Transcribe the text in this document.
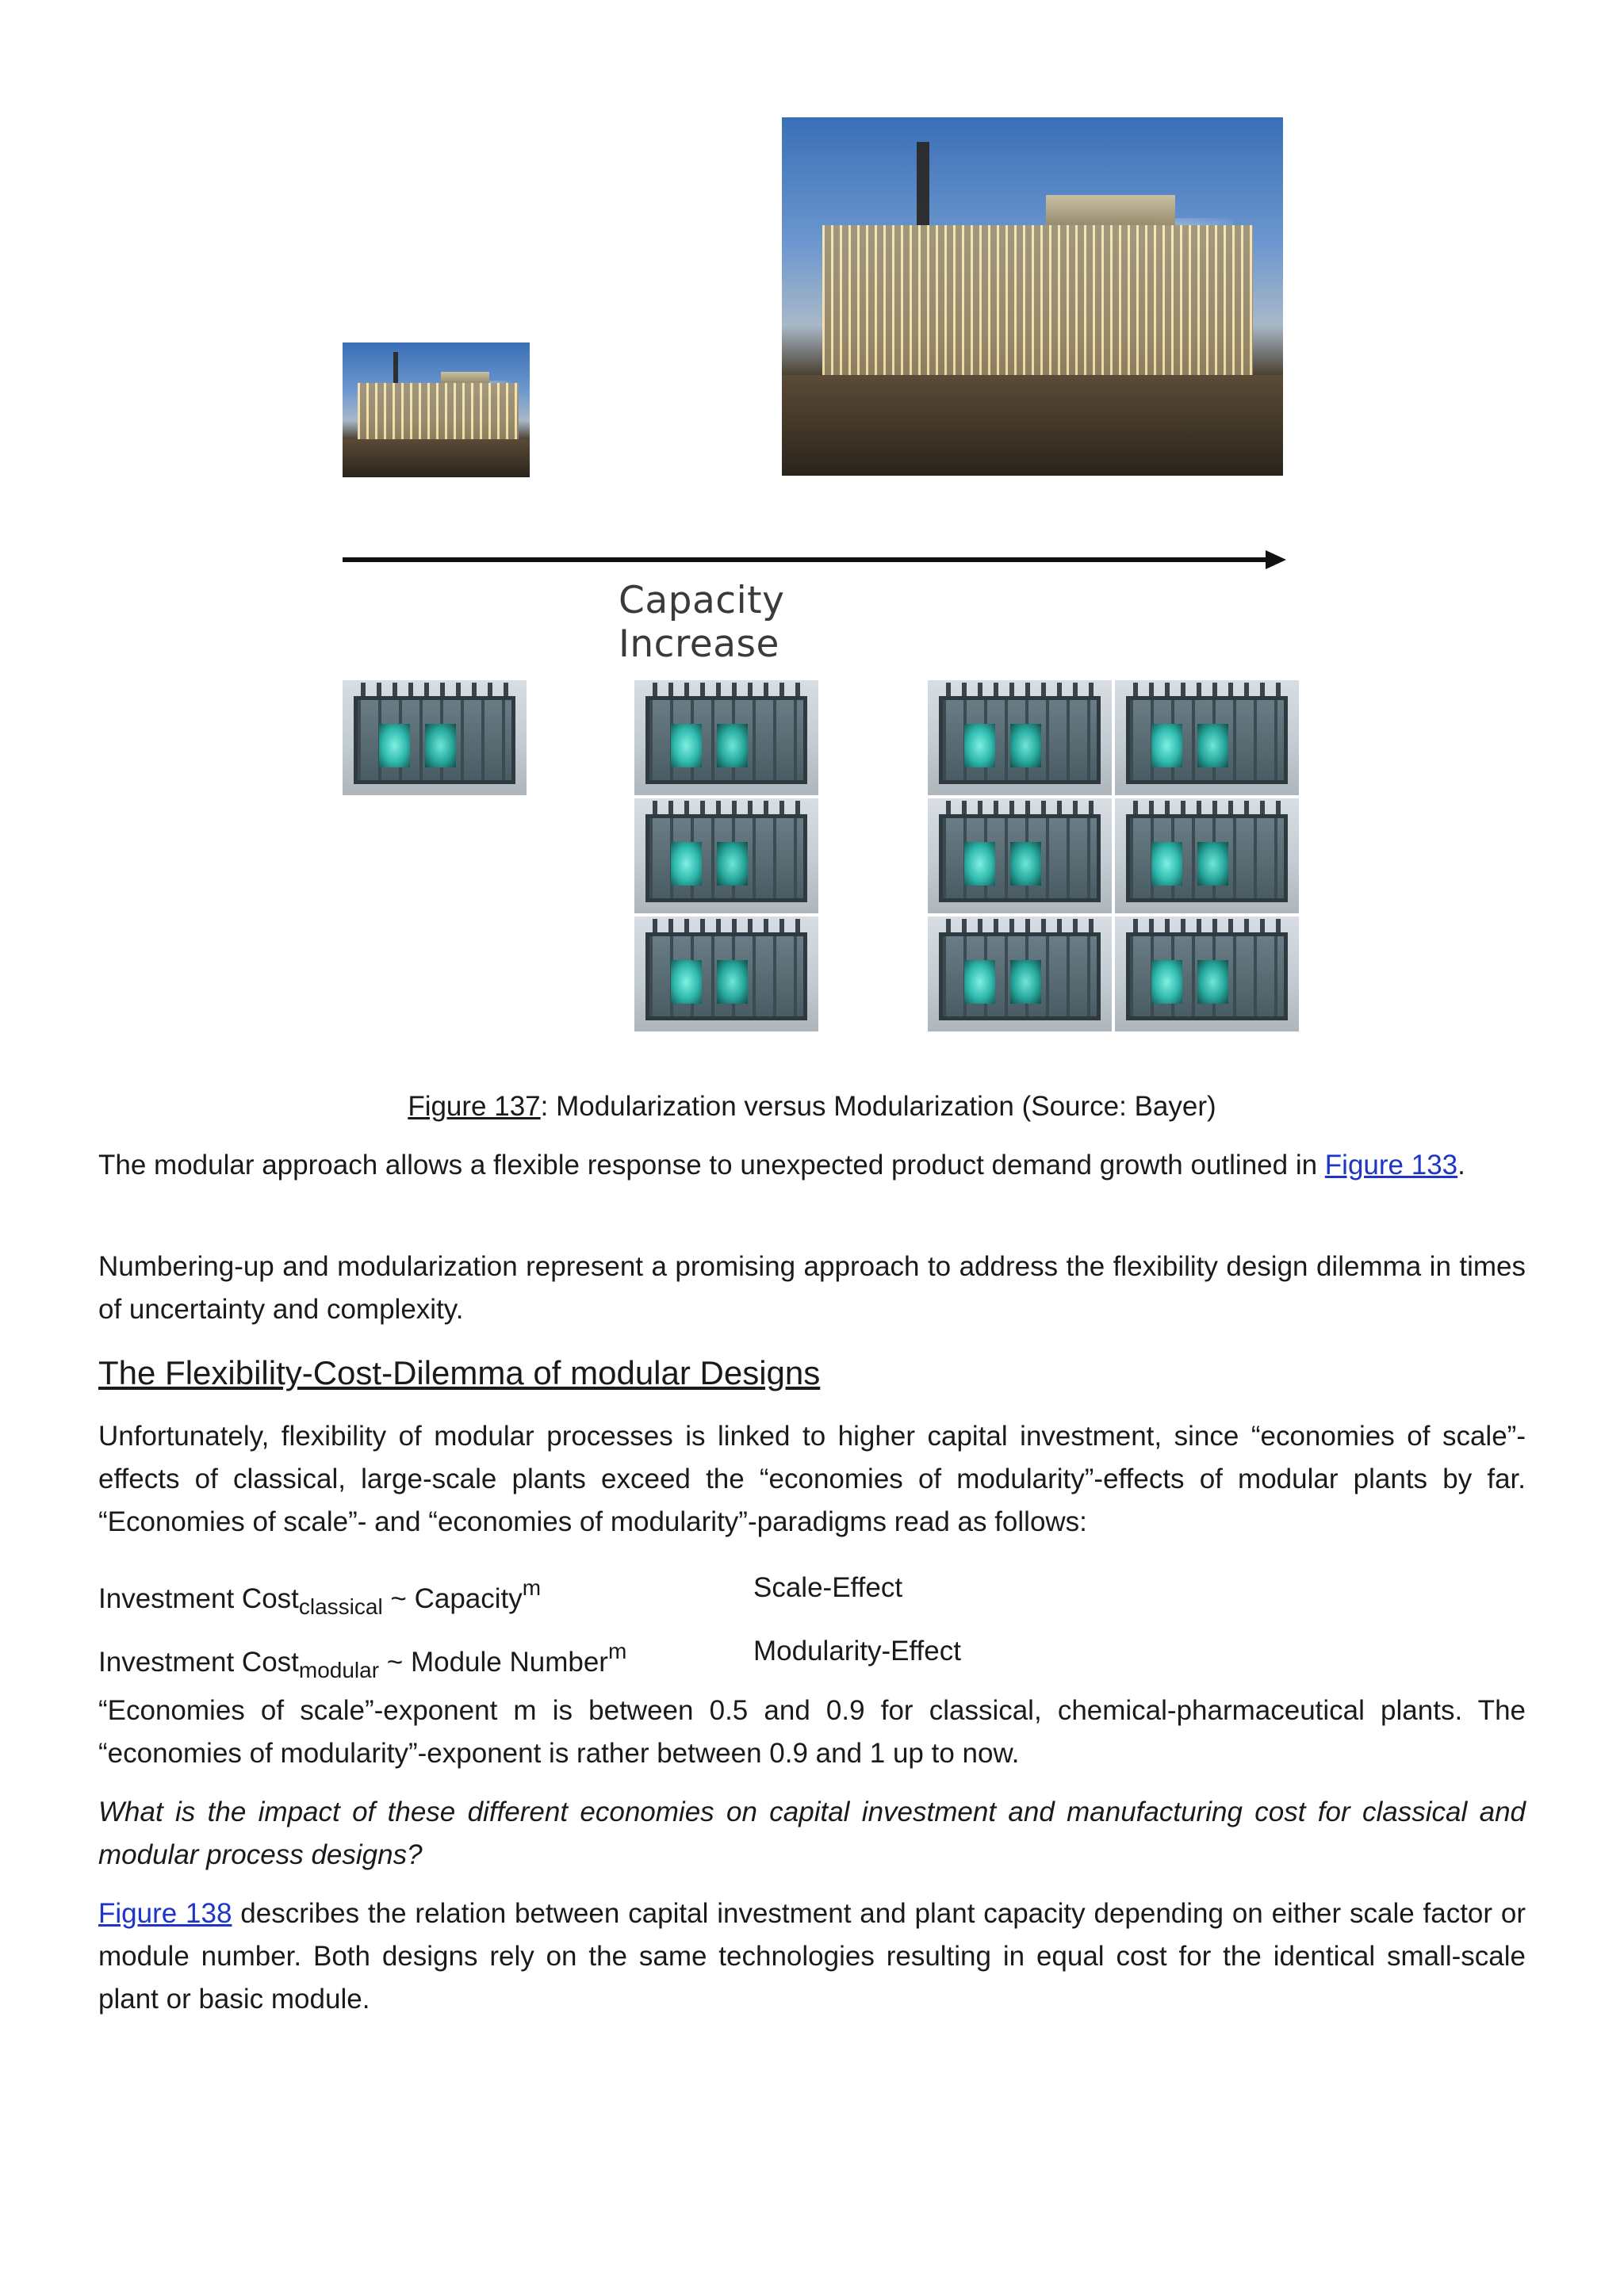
Capacity Increase
Figure 137: Modularization versus Modularization (Source: Bayer)
The modular approach allows a flexible response to unexpected product demand growth outlined in Figure 133.
Numbering-up and modularization represent a promising approach to address the flexibility design dilemma in times of uncertainty and complexity.
The Flexibility-Cost-Dilemma of modular Designs
Unfortunately, flexibility of modular processes is linked to higher capital investment, since “economies of scale”-effects of classical, large-scale plants exceed the “economies of modularity”-effects of modular plants by far. “Economies of scale”- and “economies of modularity”-paradigms read as follows:
Investment Cost$_{classical}$ ~ Capacity$^m$	Scale-Effect
Investment Cost$_{modular}$ ~ Module Number$^m$	Modularity-Effect
“Economies of scale”-exponent m is between 0.5 and 0.9 for classical, chemical-pharmaceutical plants. The “economies of modularity”-exponent is rather between 0.9 and 1 up to now.
What is the impact of these different economies on capital investment and manufacturing cost for classical and modular process designs?
Figure 138 describes the relation between capital investment and plant capacity depending on either scale factor or module number. Both designs rely on the same technologies resulting in equal cost for the identical small-scale plant or basic module.
